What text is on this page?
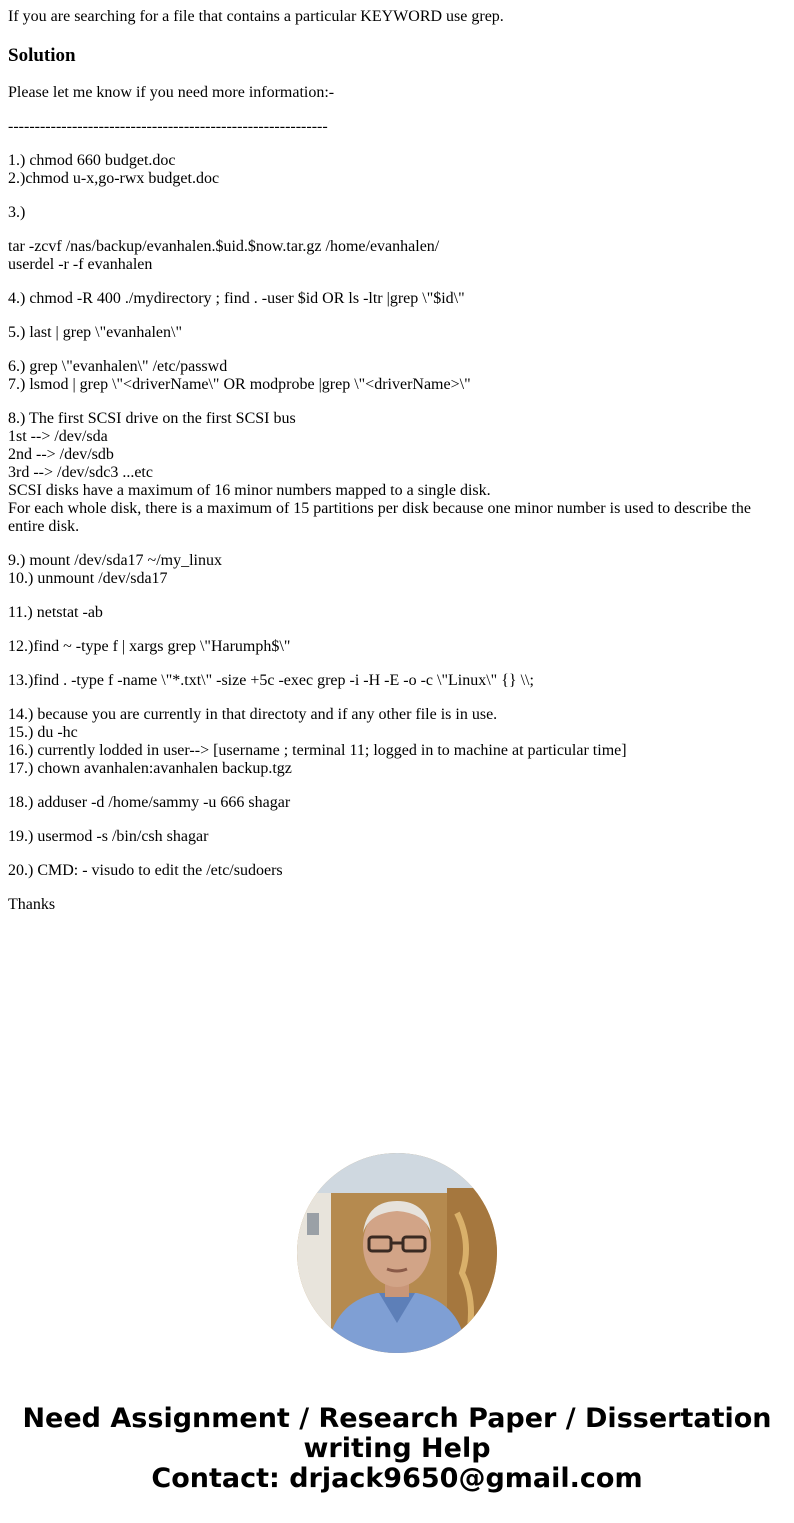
If you are searching for a file that contains a particular KEYWORD use grep.

Solution
Please let me know if you need more information:-
------------------------------------------------------------
1.) chmod 660 budget.doc
2.)chmod u-x,go-rwx budget.doc
3.)
tar -zcvf /nas/backup/evanhalen.$uid.$now.tar.gz /home/evanhalen/
userdel -r -f evanhalen
4.) chmod -R 400 ./mydirectory ; find . -user $id OR ls -ltr |grep \"$id\"
5.) last | grep \"evanhalen\"
6.) grep \"evanhalen\" /etc/passwd
7.) lsmod | grep \"<driverName\" OR modprobe |grep \"<driverName>\"
8.) The first SCSI drive on the first SCSI bus
1st --> /dev/sda
2nd --> /dev/sdb
3rd --> /dev/sdc3 ...etc
SCSI disks have a maximum of 16 minor numbers mapped to a single disk.
For each whole disk, there is a maximum of 15 partitions per disk because one minor number is used to describe the entire disk.
9.) mount /dev/sda17 ~/my_linux
10.) unmount /dev/sda17
11.) netstat -ab
12.)find ~ -type f | xargs grep \"Harumph$\"
13.)find . -type f -name \"*.txt\" -size +5c -exec grep -i -H -E -o -c \"Linux\" {} \\;
14.) because you are currently in that directoty and if any other file is in use.
15.) du -hc
16.) currently lodded in user--> [username ; terminal 11; logged in to machine at particular time]
17.) chown avanhalen:avanhalen backup.tgz
18.) adduser -d /home/sammy -u 666 shagar
19.) usermod -s /bin/csh shagar
20.) CMD: - visudo to edit the /etc/sudoers
Thanks
Need Assignment / Research Paper / Dissertation
writing Help
Contact: drjack9650@gmail.com
